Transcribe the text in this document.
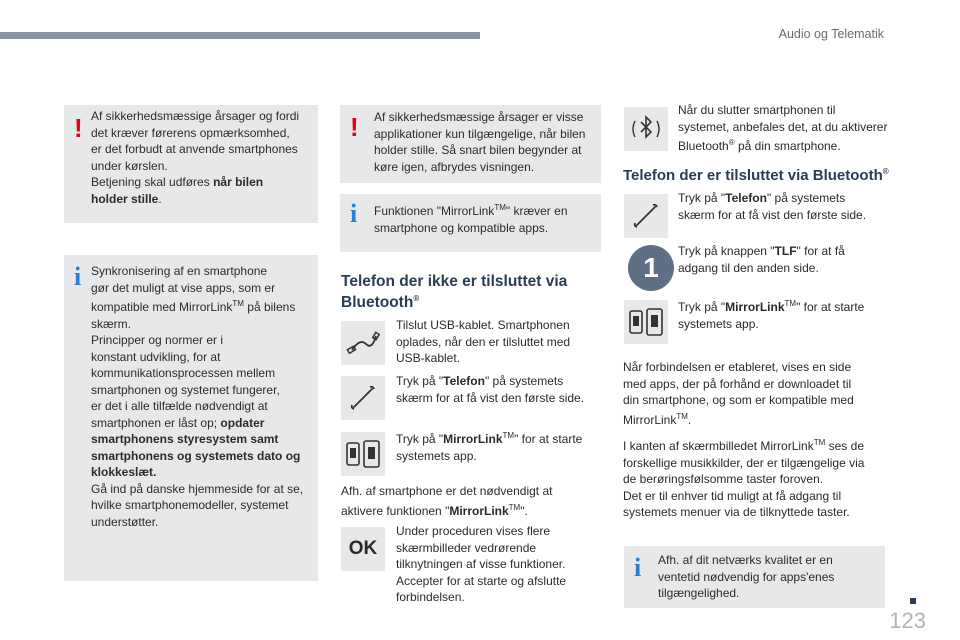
Audio og Telematik
! Af sikkerhedsmæssige årsager og fordi
det kræver førerens opmærksomhed,
er det forbudt at anvende smartphones
under kørslen.
Betjening skal udføres når bilen
holder stille.
i Synkronisering af en smartphone
gør det muligt at vise apps, som er
kompatible med MirrorLink™ på bilens
skærm.
Principper og normer er i
konstant udvikling, for at
kommunikationsprocessen mellem
smartphonen og systemet fungerer,
er det i alle tilfælde nødvendigt at
smartphonen er låst op; opdater
smartphonens styresystem samt
smartphonens og systemets dato og
klokkeslæt.
Gå ind på danske hjemmeside for at se,
hvilke smartphonemodeller, systemet
understøtter.
! Af sikkerhedsmæssige årsager er visse
applikationer kun tilgængelige, når bilen
holder stille. Så snart bilen begynder at
køre igen, afbrydes visningen.
i Funktionen "MirrorLink™" kræver en
smartphone og kompatible apps.
Telefon der ikke er tilsluttet via
Bluetooth®
Tilslut USB-kablet. Smartphonen
oplades, når den er tilsluttet med
USB-kablet.
Tryk på "Telefon" på systemets
skærm for at få vist den første side.
Tryk på "MirrorLink™" for at starte
systemets app.
Afh. af smartphone er det nødvendigt at
aktivere funktionen "MirrorLink™".
OK
Under proceduren vises flere
skærmbilleder vedrørende
tilknytningen af visse funktioner.
Accepter for at starte og afslutte
forbindelsen.
Når du slutter smartphonen til
systemet, anbefales det, at du aktiverer
Bluetooth® på din smartphone.
Telefon der er tilsluttet via Bluetooth®
Tryk på "Telefon" på systemets
skærm for at få vist den første side.
1
Tryk på knappen "TLF" for at få
adgang til den anden side.
Tryk på "MirrorLink™" for at starte
systemets app.
Når forbindelsen er etableret, vises en side
med apps, der på forhånd er downloadet til
din smartphone, og som er kompatible med
MirrorLink™.
I kanten af skærmbilledet MirrorLink™ ses de
forskellige musikkilder, der er tilgængelige via
de berøringsfølsomme taster foroven.
Det er til enhver tid muligt at få adgang til
systemets menuer via de tilknyttede taster.
i Afh. af dit netværks kvalitet er en
ventetid nødvendig for apps'enes
tilgængelighed.
123
